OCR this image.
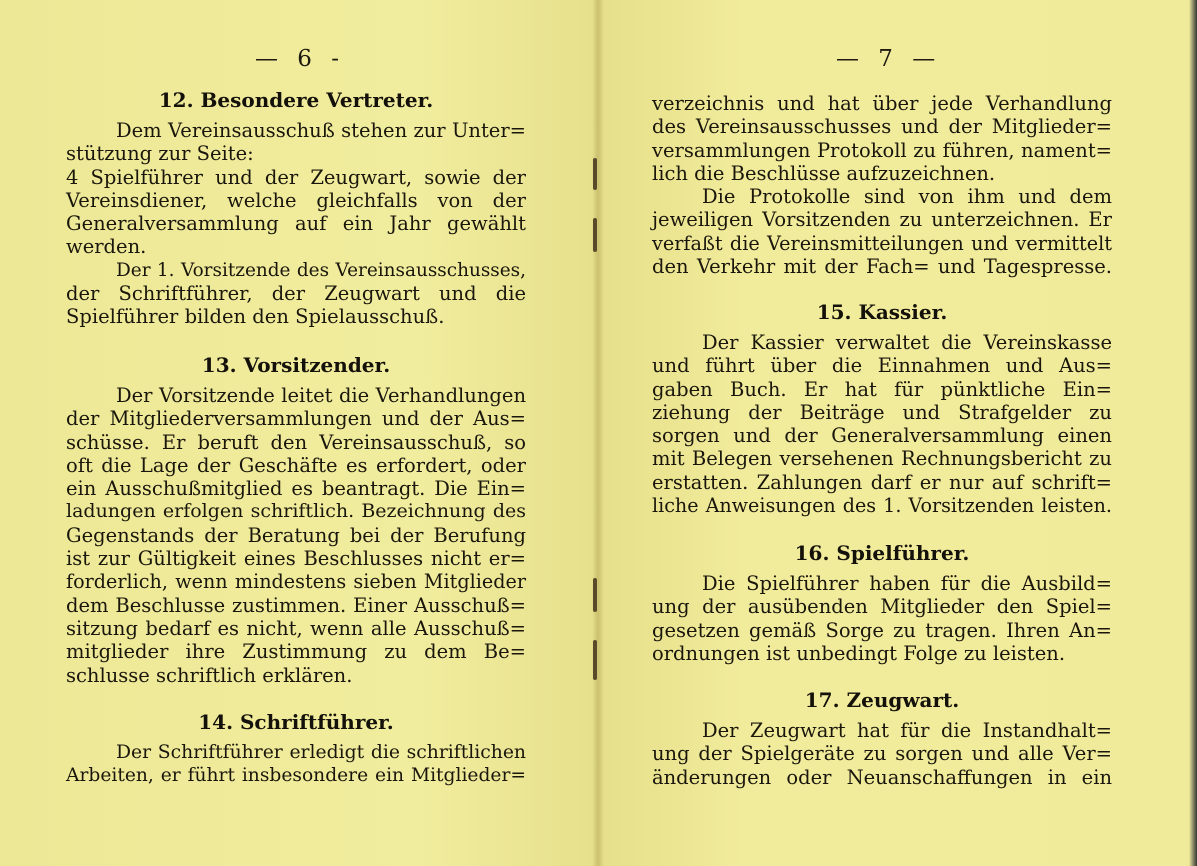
— 6 -
12. Besondere Vertreter.
Dem Vereinsausschuß stehen zur Unter=
stützung zur Seite:
4 Spielführer und der Zeugwart, sowie der
Vereinsdiener, welche gleichfalls von der
Generalversammlung auf ein Jahr gewählt
werden.
Der 1. Vorsitzende des Vereinsausschusses,
der Schriftführer, der Zeugwart und die
Spielführer bilden den Spielausschuß.
13. Vorsitzender.
Der Vorsitzende leitet die Verhandlungen
der Mitgliederversammlungen und der Aus=
schüsse. Er beruft den Vereinsausschuß, so
oft die Lage der Geschäfte es erfordert, oder
ein Ausschußmitglied es beantragt. Die Ein=
ladungen erfolgen schriftlich. Bezeichnung des
Gegenstands der Beratung bei der Berufung
ist zur Gültigkeit eines Beschlusses nicht er=
forderlich, wenn mindestens sieben Mitglieder
dem Beschlusse zustimmen. Einer Ausschuß=
sitzung bedarf es nicht, wenn alle Ausschuß=
mitglieder ihre Zustimmung zu dem Be=
schlusse schriftlich erklären.
14. Schriftführer.
Der Schriftführer erledigt die schriftlichen
Arbeiten, er führt insbesondere ein Mitglieder=
— 7 —
verzeichnis und hat über jede Verhandlung
des Vereinsausschusses und der Mitglieder=
versammlungen Protokoll zu führen, nament=
lich die Beschlüsse aufzuzeichnen.
Die Protokolle sind von ihm und dem
jeweiligen Vorsitzenden zu unterzeichnen. Er
verfaßt die Vereinsmitteilungen und vermittelt
den Verkehr mit der Fach= und Tagespresse.
15. Kassier.
Der Kassier verwaltet die Vereinskasse
und führt über die Einnahmen und Aus=
gaben Buch. Er hat für pünktliche Ein=
ziehung der Beiträge und Strafgelder zu
sorgen und der Generalversammlung einen
mit Belegen versehenen Rechnungsbericht zu
erstatten. Zahlungen darf er nur auf schrift=
liche Anweisungen des 1. Vorsitzenden leisten.
16. Spielführer.
Die Spielführer haben für die Ausbild=
ung der ausübenden Mitglieder den Spiel=
gesetzen gemäß Sorge zu tragen. Ihren An=
ordnungen ist unbedingt Folge zu leisten.
17. Zeugwart.
Der Zeugwart hat für die Instandhalt=
ung der Spielgeräte zu sorgen und alle Ver=
änderungen oder Neuanschaffungen in ein
